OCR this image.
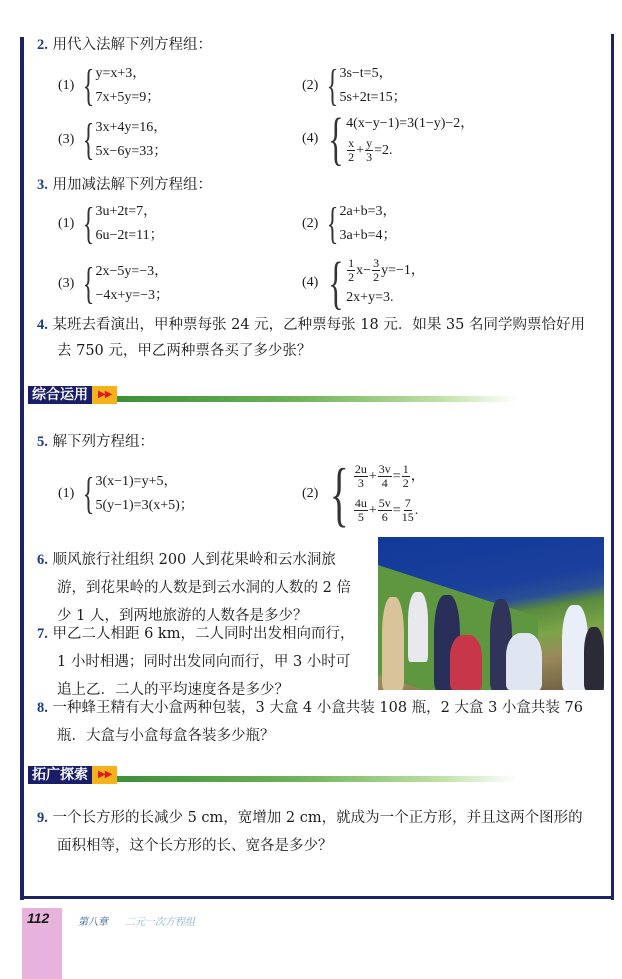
2. 用代入法解下列方程组：
(1) { y=x+3，
7x+5y=9；
(2) { 3s−t=5，
5s+2t=15；
(3) { 3x+4y=16，
5x−6y=33；
(4) { 4(x−y−1)=3(1−y)−2，
$\frac{x}{2} + \frac{y}{3} =2$.
3. 用加减法解下列方程组：
(1) { 3u+2t=7，
6u−2t=11；
(2) { 2a+b=3，
3a+b=4；
(3) { 2x−5y=−3，
−4x+y=−3；
(4) { $\frac{1}{2} x- \frac{3}{2} y=-1$，
2x+y=3.
4. 某班去看演出，甲种票每张 24 元，乙种票每张 18 元．如果 35 名同学购票恰好用
去 750 元，甲乙两种票各买了多少张？
综合运用	▶▶
5. 解下列方程组：
(1) { 3(x−1)=y+5，
5(y−1)=3(x+5)；
(2) { $\frac{2u}{3} + \frac{3v}{4} = \frac{1}{2}$ ，
$\frac{4u}{5} + \frac{5v}{6} = \frac{7}{15}$ .
6. 顺风旅行社组织 200 人到花果岭和云水洞旅
游，到花果岭的人数是到云水洞的人数的 2 倍
少 1 人，到两地旅游的人数各是多少？
7. 甲乙二人相距 6 km，二人同时出发相向而行，
1 小时相遇；同时出发同向而行，甲 3 小时可
追上乙．二人的平均速度各是多少？
8. 一种蜂王精有大小盒两种包装，3 大盒 4 小盒共装 108 瓶，2 大盒 3 小盒共装 76
瓶．大盒与小盒每盒各装多少瓶？
拓广探索	▶▶
9. 一个长方形的长减少 5 cm，宽增加 2 cm，就成为一个正方形，并且这两个图形的
面积相等，这个长方形的长、宽各是多少？
112	第八章 二元一次方程组
